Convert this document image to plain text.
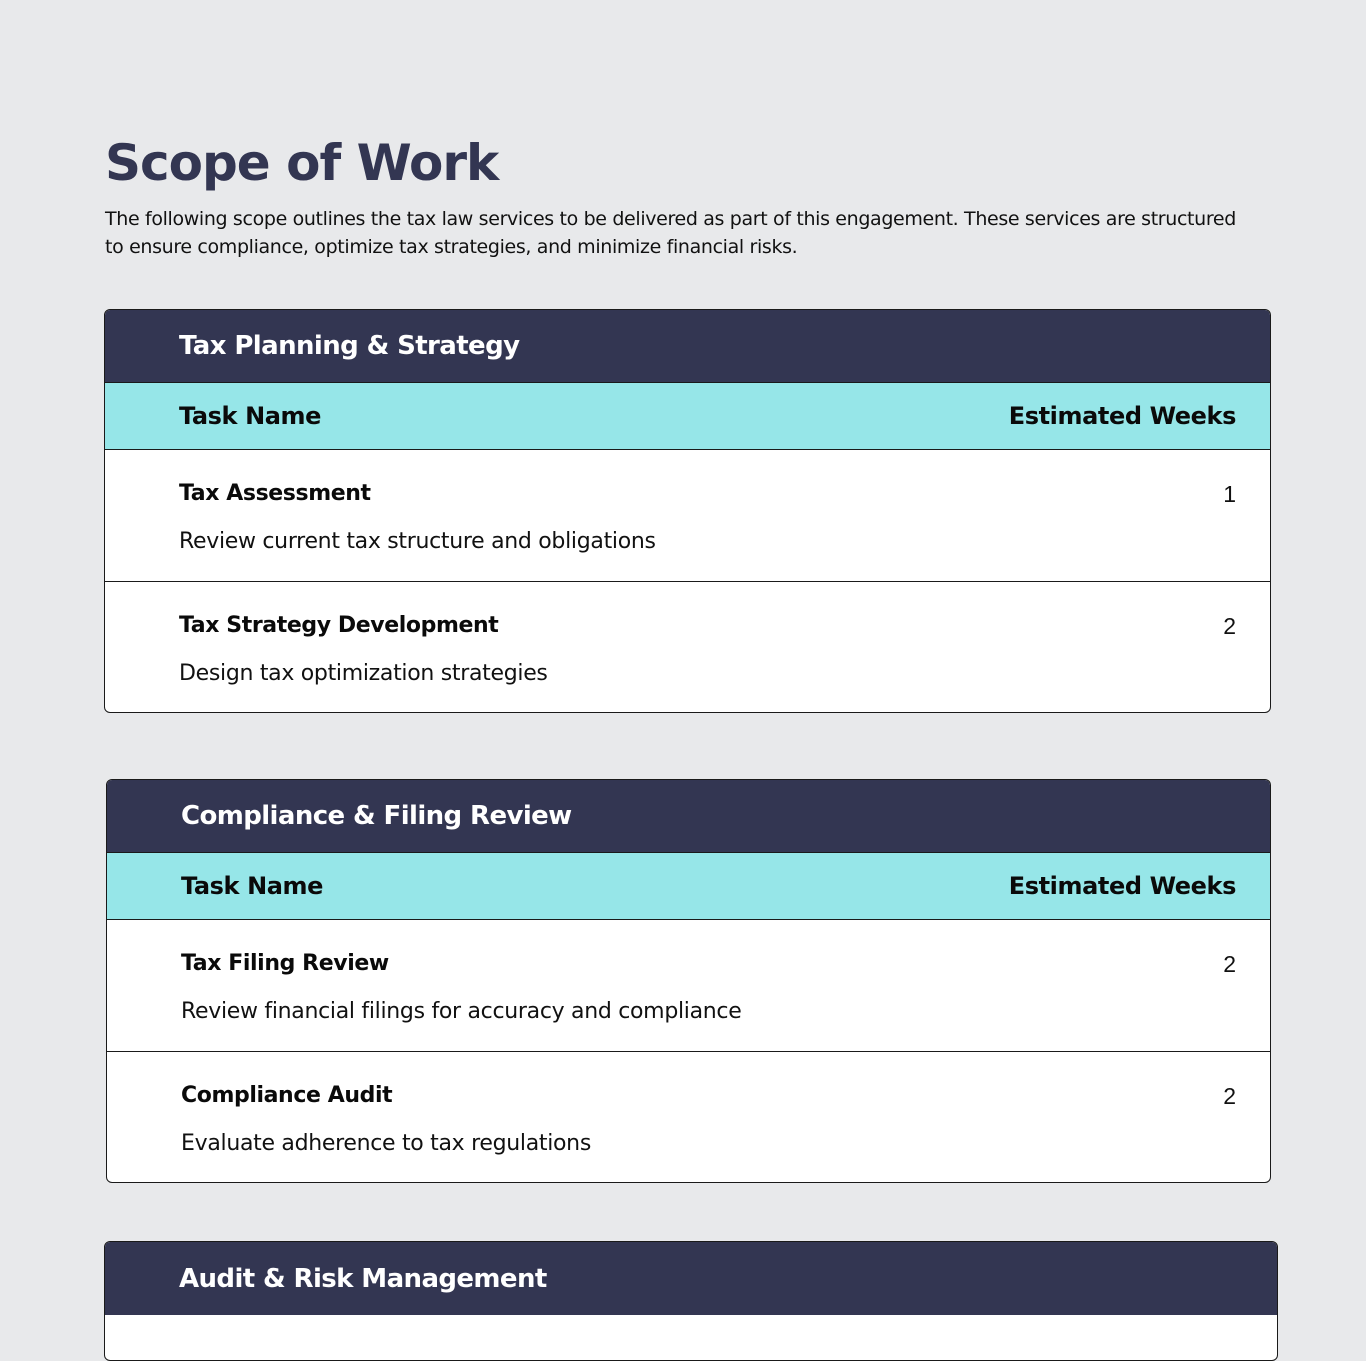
Scope of Work

The following scope outlines the tax law services to be delivered as part of this engagement. These services are structured to ensure compliance, optimize tax strategies, and minimize financial risks.

Tax Planning & Strategy
Task Name	Estimated Weeks
Tax Assessment
Review current tax structure and obligations
1
Tax Strategy Development
Design tax optimization strategies
2
Compliance & Filing Review
Task Name	Estimated Weeks
Tax Filing Review
Review financial filings for accuracy and compliance
2
Compliance Audit
Evaluate adherence to tax regulations
2
Audit & Risk Management
